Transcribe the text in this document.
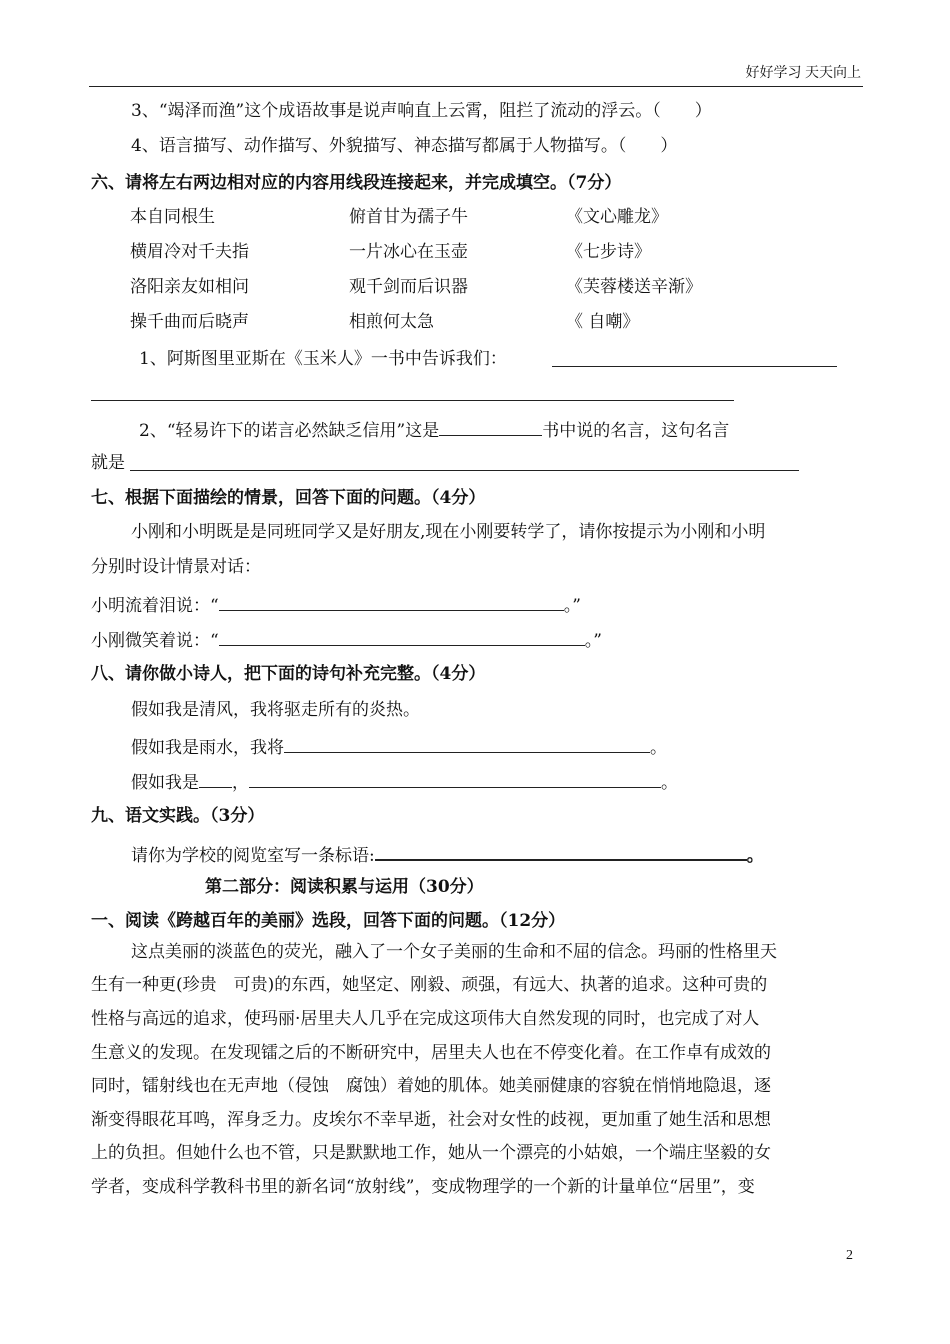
好好学习 天天向上
3、“竭泽而渔”这个成语故事是说声响直上云霄，阻拦了流动的浮云。（　　）
4、语言描写、动作描写、外貌描写、神态描写都属于人物描写。（　　）
六、请将左右两边相对应的内容用线段连接起来，并完成填空。（7分）
本自同根生	俯首甘为孺子牛	《文心雕龙》
横眉冷对千夫指	一片冰心在玉壶	《七步诗》
洛阳亲友如相问	观千剑而后识器	《芙蓉楼送辛渐》
操千曲而后晓声	相煎何太急	《 自嘲》
1、阿斯图里亚斯在《玉米人》一书中告诉我们：
2、“轻易许下的诺言必然缺乏信用”这是	书中说的名言，这句名言
就是
七、根据下面描绘的情景，回答下面的问题。（4分）
小刚和小明既是是同班同学又是好朋友,现在小刚要转学了，请你按提示为小刚和小明
分别时设计情景对话：
小明流着泪说：“	。”
小刚微笑着说：“	。”
八、请你做小诗人，把下面的诗句补充完整。（4分）
假如我是清风，我将驱走所有的炎热。
假如我是雨水，我将	。
假如我是 ，	。
九、语文实践。（3分）
请你为学校的阅览室写一条标语:	。
第二部分：阅读积累与运用（30分）
一、阅读《跨越百年的美丽》选段，回答下面的问题。（12分）
这点美丽的淡蓝色的荧光，融入了一个女子美丽的生命和不屈的信念。玛丽的性格里天
生有一种更(珍贵　可贵)的东西，她坚定、刚毅、顽强，有远大、执著的追求。这种可贵的
性格与高远的追求，使玛丽·居里夫人几乎在完成这项伟大自然发现的同时，也完成了对人
生意义的发现。在发现镭之后的不断研究中，居里夫人也在不停变化着。在工作卓有成效的
同时，镭射线也在无声地（侵蚀　腐蚀）着她的肌体。她美丽健康的容貌在悄悄地隐退，逐
渐变得眼花耳鸣，浑身乏力。皮埃尔不幸早逝，社会对女性的歧视，更加重了她生活和思想
上的负担。但她什么也不管，只是默默地工作，她从一个漂亮的小姑娘，一个端庄坚毅的女
学者，变成科学教科书里的新名词“放射线”，变成物理学的一个新的计量单位“居里”，变
2
